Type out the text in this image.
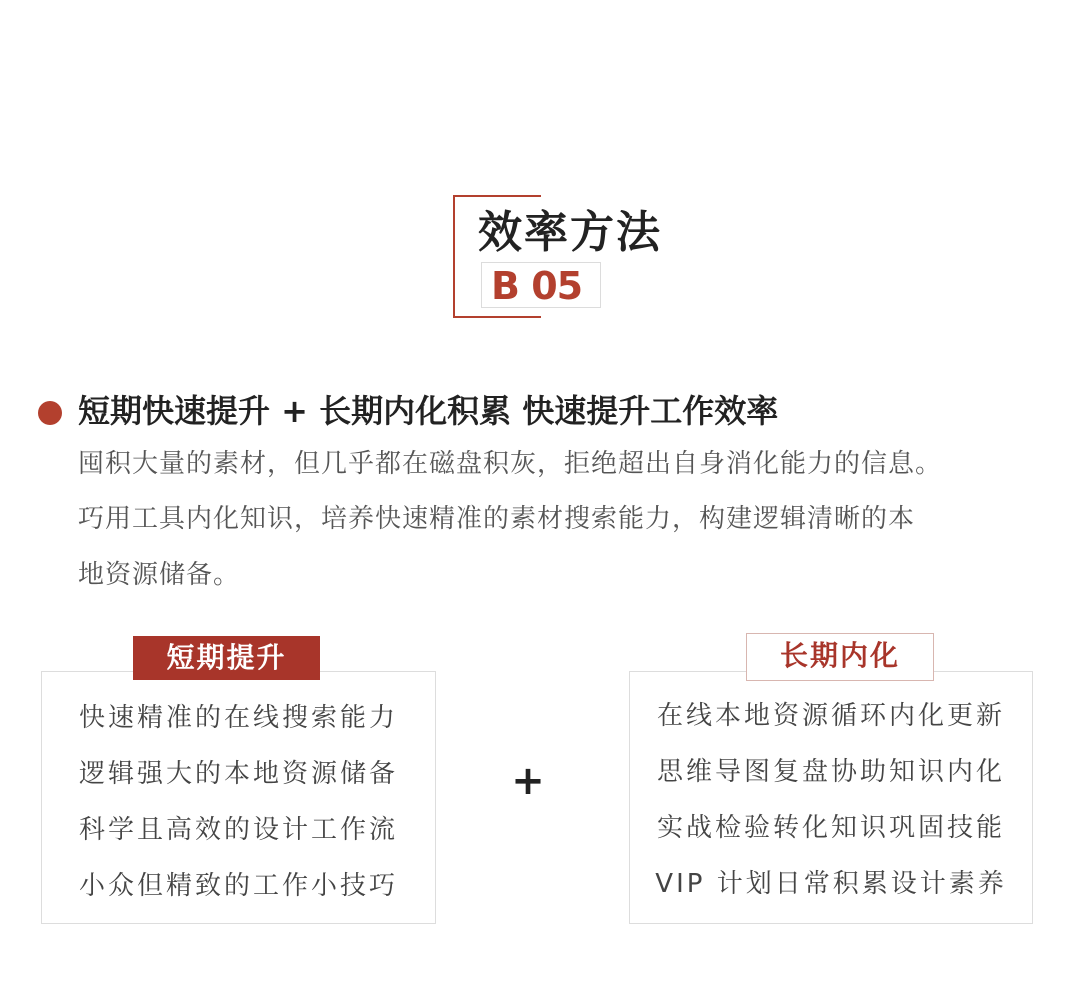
效率方法
B 05
短期快速提升 + 长期内化积累 快速提升工作效率
囤积大量的素材，但几乎都在磁盘积灰，拒绝超出自身消化能力的信息。
巧用工具内化知识，培养快速精准的素材搜索能力，构建逻辑清晰的本
地资源储备。
快速精准的在线搜索能力
逻辑强大的本地资源储备
科学且高效的设计工作流
小众但精致的工作小技巧
短期提升
+
在线本地资源循环内化更新
思维导图复盘协助知识内化
实战检验转化知识巩固技能
VIP 计划日常积累设计素养
长期内化
